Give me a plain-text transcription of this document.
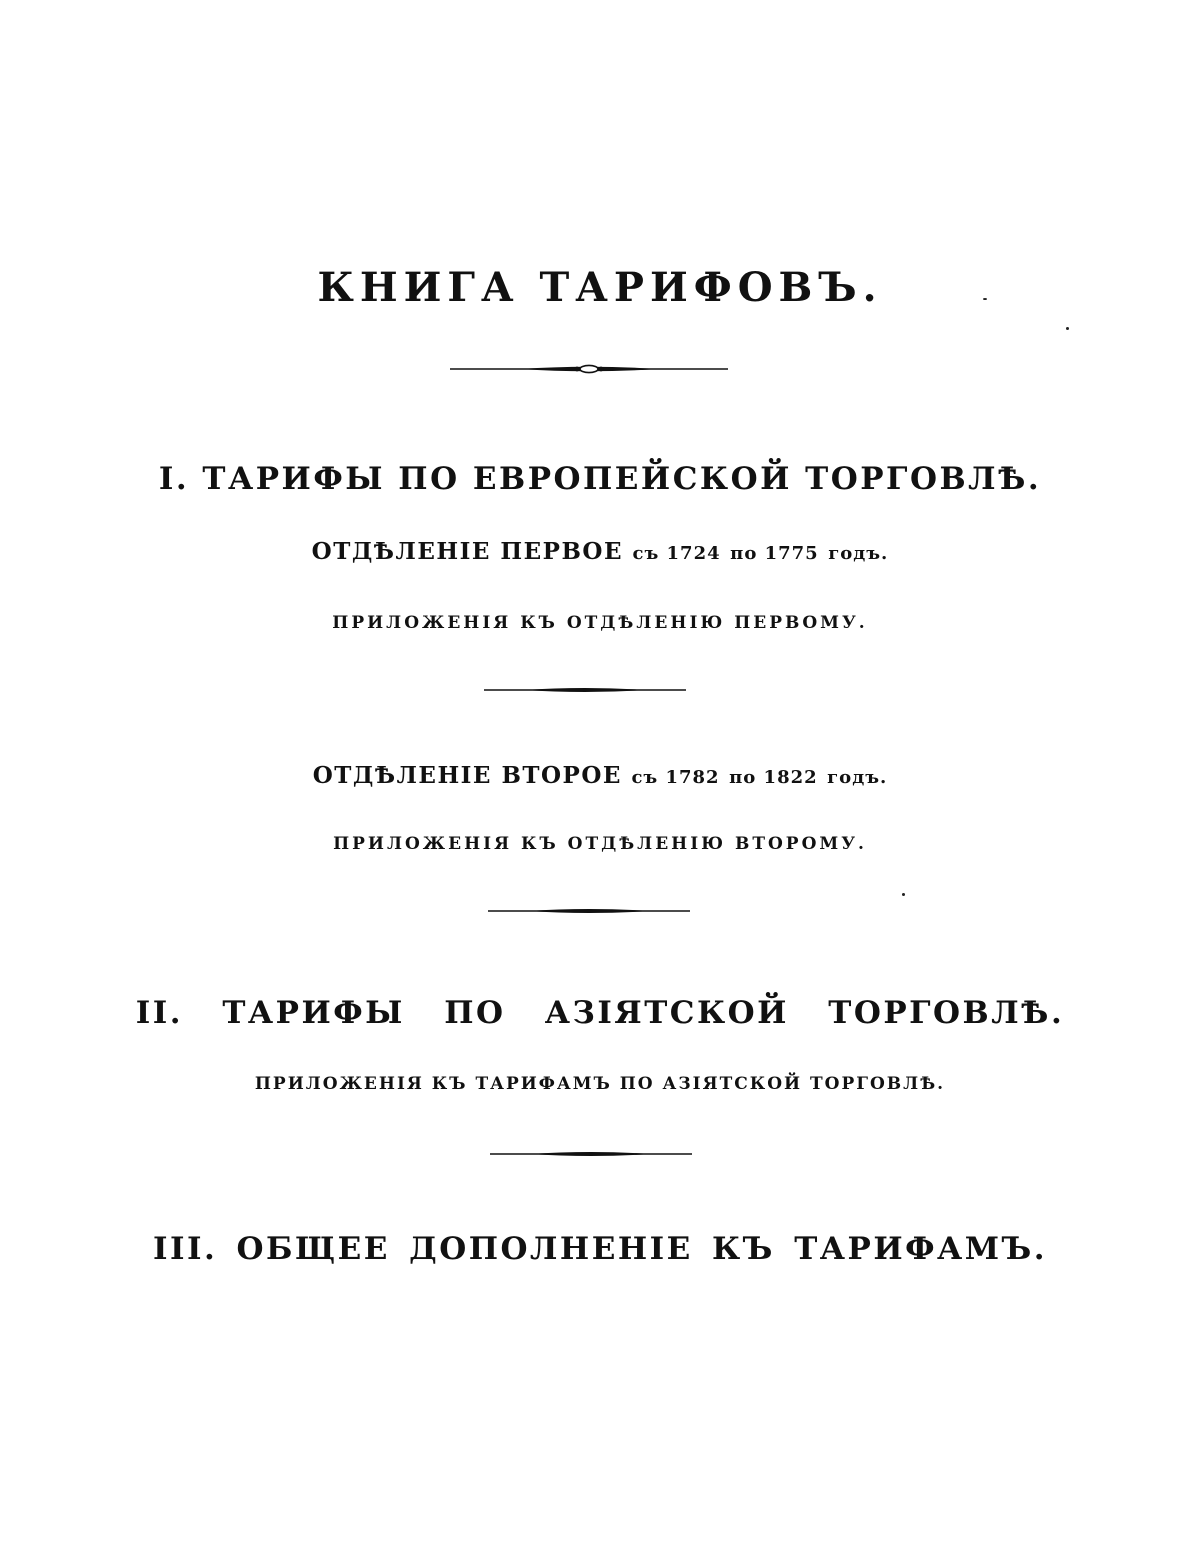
КНИГА ТАРИФОВЪ.
I. ТАРИФЫ ПО ЕВРОПЕЙСКОЙ ТОРГОВЛѢ.
ОТДѢЛЕНІЕ ПЕРВОЕ съ 1724 по 1775 годъ.
ПРИЛОЖЕНІЯ КЪ ОТДѢЛЕНІЮ ПЕРВОМУ.
ОТДѢЛЕНІЕ ВТОРОЕ съ 1782 по 1822 годъ.
ПРИЛОЖЕНІЯ КЪ ОТДѢЛЕНІЮ ВТОРОМУ.
II. ТАРИФЫ ПО АЗІЯТСКОЙ ТОРГОВЛѢ.
ПРИЛОЖЕНІЯ КЪ ТАРИФАМЪ ПО АЗІЯТСКОЙ ТОРГОВЛѢ.
III. ОБЩЕЕ ДОПОЛНЕНІЕ КЪ ТАРИФАМЪ.
